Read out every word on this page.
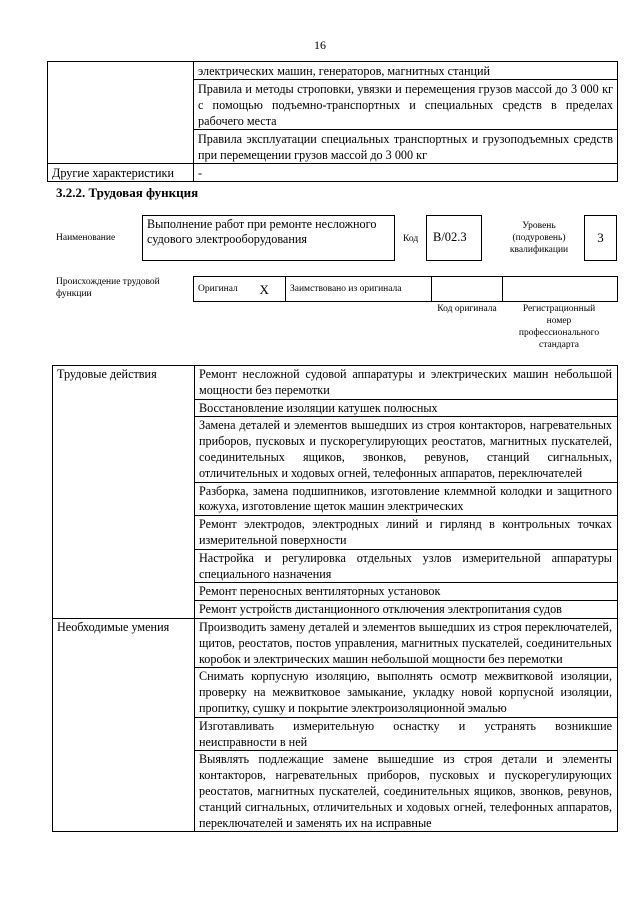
16
	электрических машин, генераторов, магнитных станций
	Правила и методы строповки, увязки и перемещения грузов массой до 3 000 кг с помощью подъемно-транспортных и специальных средств в пределах рабочего места
	Правила эксплуатации специальных транспортных и грузоподъемных средств при перемещении грузов массой до 3 000 кг
Другие характеристики	-
3.2.2. Трудовая функция
Наименование
Выполнение работ при ремонте несложного судового электрооборудования	Код	B/02.3
Уровень (подуровень) квалификации
3
Происхождение трудовой функции
Оригинал	X	Заимствовано из оригинала		
Код оригинала	Регистрационный номер профессионального стандарта
Трудовые действия	Ремонт несложной судовой аппаратуры и электрических машин небольшой мощности без перемотки
	Восстановление изоляции катушек полюсных
	Замена деталей и элементов вышедших из строя контакторов, нагревательных приборов, пусковых и пускорегулирующих реостатов, магнитных пускателей, соединительных ящиков, звонков, ревунов, станций сигнальных, отличительных и ходовых огней, телефонных аппаратов, переключателей
	Разборка, замена подшипников, изготовление клеммной колодки и защитного кожуха, изготовление щеток машин электрических
	Ремонт электродов, электродных линий и гирлянд в контрольных точках измерительной поверхности
	Настройка и регулировка отдельных узлов измерительной аппаратуры специального назначения
	Ремонт переносных вентиляторных установок
	Ремонт устройств дистанционного отключения электропитания судов
Необходимые умения	Производить замену деталей и элементов вышедших из строя переключателей, щитов, реостатов, постов управления, магнитных пускателей, соединительных коробок и электрических машин небольшой мощности без перемотки
	Снимать корпусную изоляцию, выполнять осмотр межвитковой изоляции, проверку на межвитковое замыкание, укладку новой корпусной изоляции, пропитку, сушку и покрытие электроизоляционной эмалью
	Изготавливать измерительную оснастку и устранять возникшие неисправности в ней
	Выявлять подлежащие замене вышедшие из строя детали и элементы контакторов, нагревательных приборов, пусковых и пускорегулирующих реостатов, магнитных пускателей, соединительных ящиков, звонков, ревунов, станций сигнальных, отличительных и ходовых огней, телефонных аппаратов, переключателей и заменять их на исправные
